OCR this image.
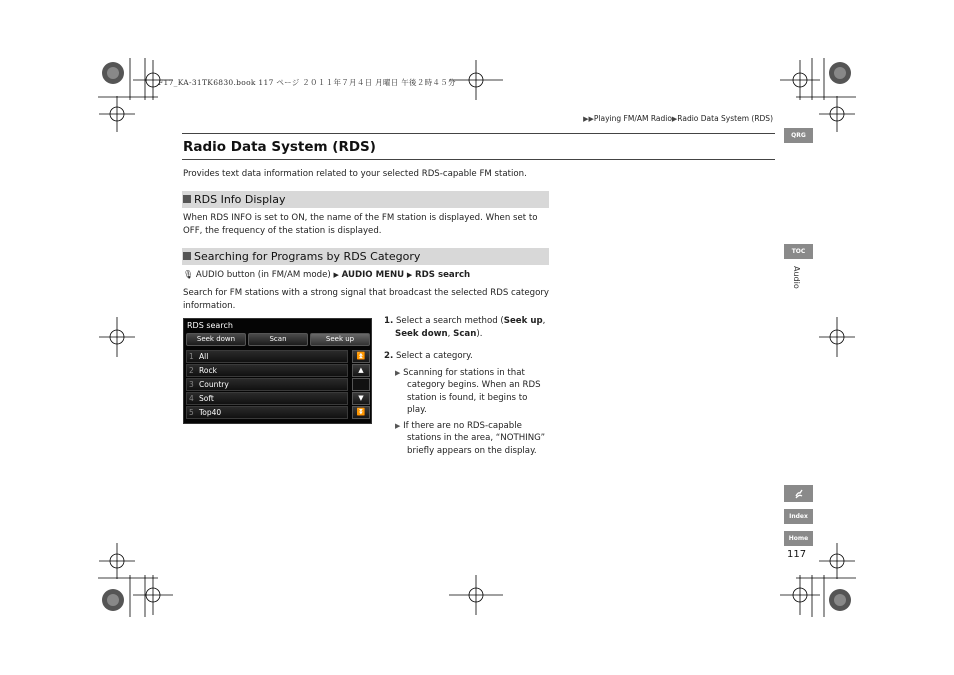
F17_KA-31TK6830.book 117 ページ ２０１１年７月４日 月曜日 午後２時４５分
▶▶Playing FM/AM Radio▶Radio Data System (RDS)
Radio Data System (RDS)
Provides text data information related to your selected RDS-capable FM station.
RDS Info Display
When RDS INFO is set to ON, the name of the FM station is displayed. When set to
OFF, the frequency of the station is displayed.
Searching for Programs by RDS Category
🎙 AUDIO button (in FM/AM mode) ▶ AUDIO MENU ▶ RDS search
Search for FM stations with a strong signal that broadcast the selected RDS category
information.
RDS search
Seek down	Scan	Seek up
1 All
2 Rock
3 Country
4 Soft
5 Top40
⏫
▲
▼
⏬
1. Select a search method (Seek up,
Seek down, Scan).
2. Select a category.
▶ Scanning for stations in that
category begins. When an RDS
station is found, it begins to
play.
▶ If there are no RDS-capable
stations in the area, “NOTHING”
briefly appears on the display.
QRG
TOC
Audio
Index
Home
117
